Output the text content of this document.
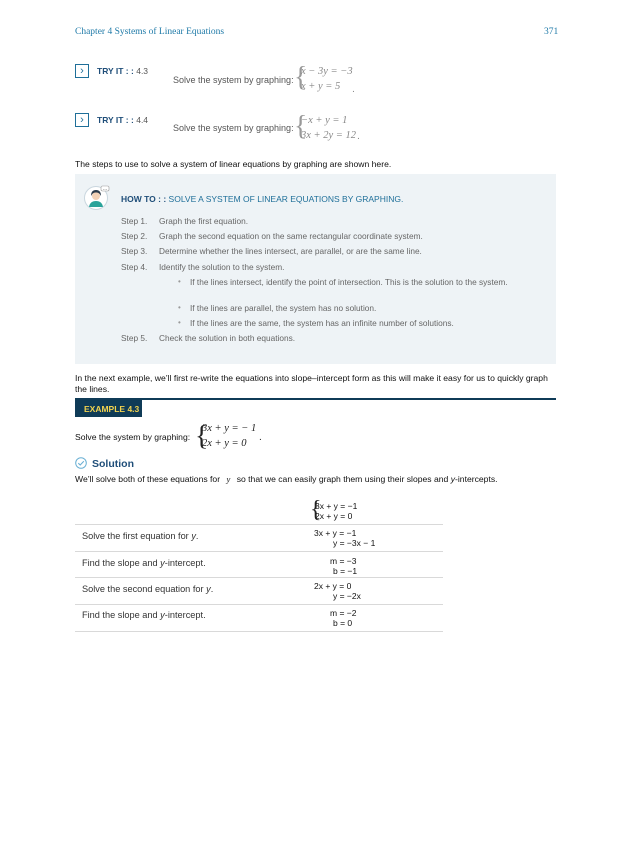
Chapter 4 Systems of Linear Equations	371
›	TRY IT : : 4.3
Solve the system by graphing: {
x − 3y = −3
x + y = 5 .
›	TRY IT : : 4.4
Solve the system by graphing: {
−x + y = 1
3x + 2y = 12 .
The steps to use to solve a system of linear equations by graphing are shown here.
…
HOW TO : : SOLVE A SYSTEM OF LINEAR EQUATIONS BY GRAPHING.
Step 1. Graph the first equation.
Step 2. Graph the second equation on the same rectangular coordinate system.
Step 3. Determine whether the lines intersect, are parallel, or are the same line.
Step 4. Identify the solution to the system.
• If the lines intersect, identify the point of intersection. This is the solution to the system.
• If the lines are parallel, the system has no solution.
• If the lines are the same, the system has an infinite number of solutions.
Step 5. Check the solution in both equations.
In the next example, we’ll first re-write the equations into slope–intercept form as this will make it easy for us to quickly graph the lines.
EXAMPLE 4.3
Solve the system by graphing: {
3x + y = − 1
2x + y = 0
.
Solution
We’ll solve both of these equations for y so that we can easily graph them using their slopes and y-intercepts.
{
3x + y = −1
2x + y = 0
Solve the first equation for y.	3x + y = −1
y = −3x − 1
Find the slope and y-intercept.	m = −3
b = −1
Solve the second equation for y.	2x + y = 0
y = −2x
Find the slope and y-intercept.	m = −2
b = 0
